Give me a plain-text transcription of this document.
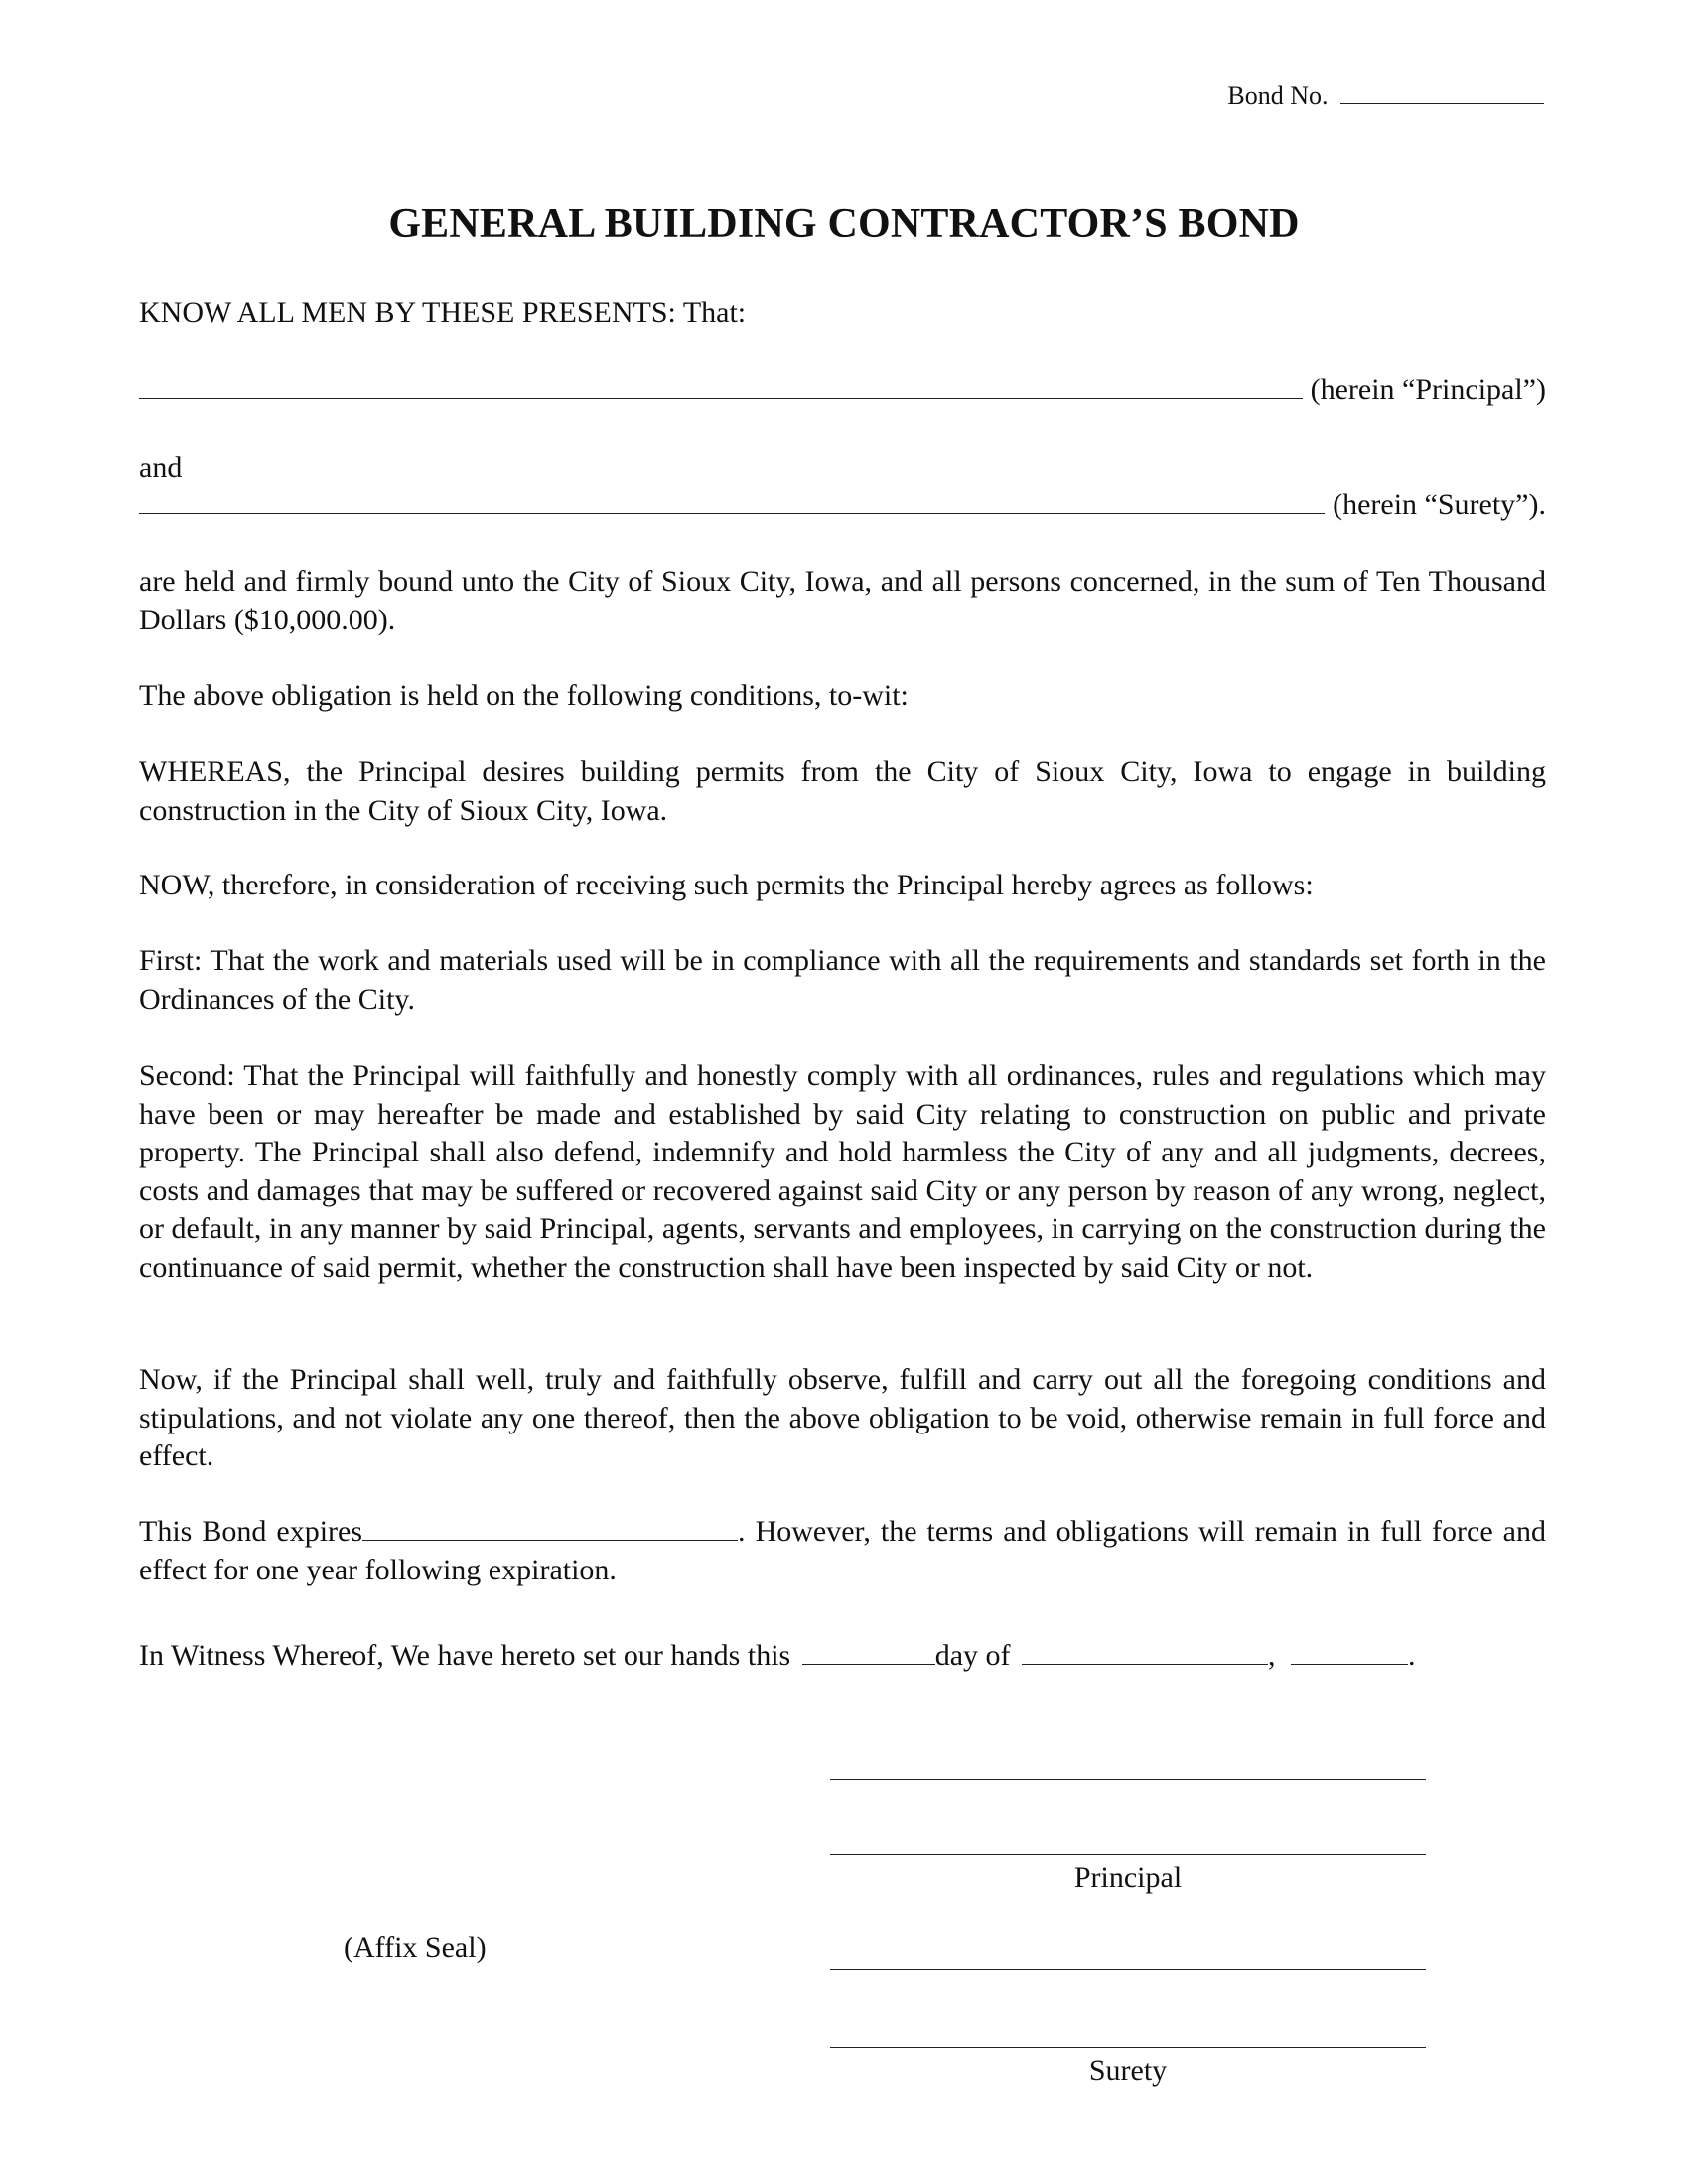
Bond No.
GENERAL BUILDING CONTRACTOR’S BOND

KNOW ALL MEN BY THESE PRESENTS: That:

(herein “Principal”)

and

(herein “Surety”).

are held and firmly bound unto the City of Sioux City, Iowa, and all persons concerned, in the sum of Ten Thousand Dollars ($10,000.00).

The above obligation is held on the following conditions, to-wit:

WHEREAS, the Principal desires building permits from the City of Sioux City, Iowa to engage in building construction in the City of Sioux City, Iowa.

NOW, therefore, in consideration of receiving such permits the Principal hereby agrees as follows:

First: That the work and materials used will be in compliance with all the requirements and standards set forth in the Ordinances of the City.

Second: That the Principal will faithfully and honestly comply with all ordinances, rules and regulations which may have been or may hereafter be made and established by said City relating to construction on public and private property. The Principal shall also defend, indemnify and hold harmless the City of any and all judgments, decrees, costs and damages that may be suffered or recovered against said City or any person by reason of any wrong, neglect, or default, in any manner by said Principal, agents, servants and employees, in carrying on the construction during the continuance of said permit, whether the construction shall have been inspected by said City or not.

Now, if the Principal shall well, truly and faithfully observe, fulfill and carry out all the foregoing conditions and stipulations, and not violate any one thereof, then the above obligation to be void, otherwise remain in full force and effect.

This Bond expires	. However, the terms and obligations will remain in full force and effect for one year following expiration.

In Witness Whereof, We have hereto set our hands this	day of	,	.

Principal
(Affix Seal)
Surety
